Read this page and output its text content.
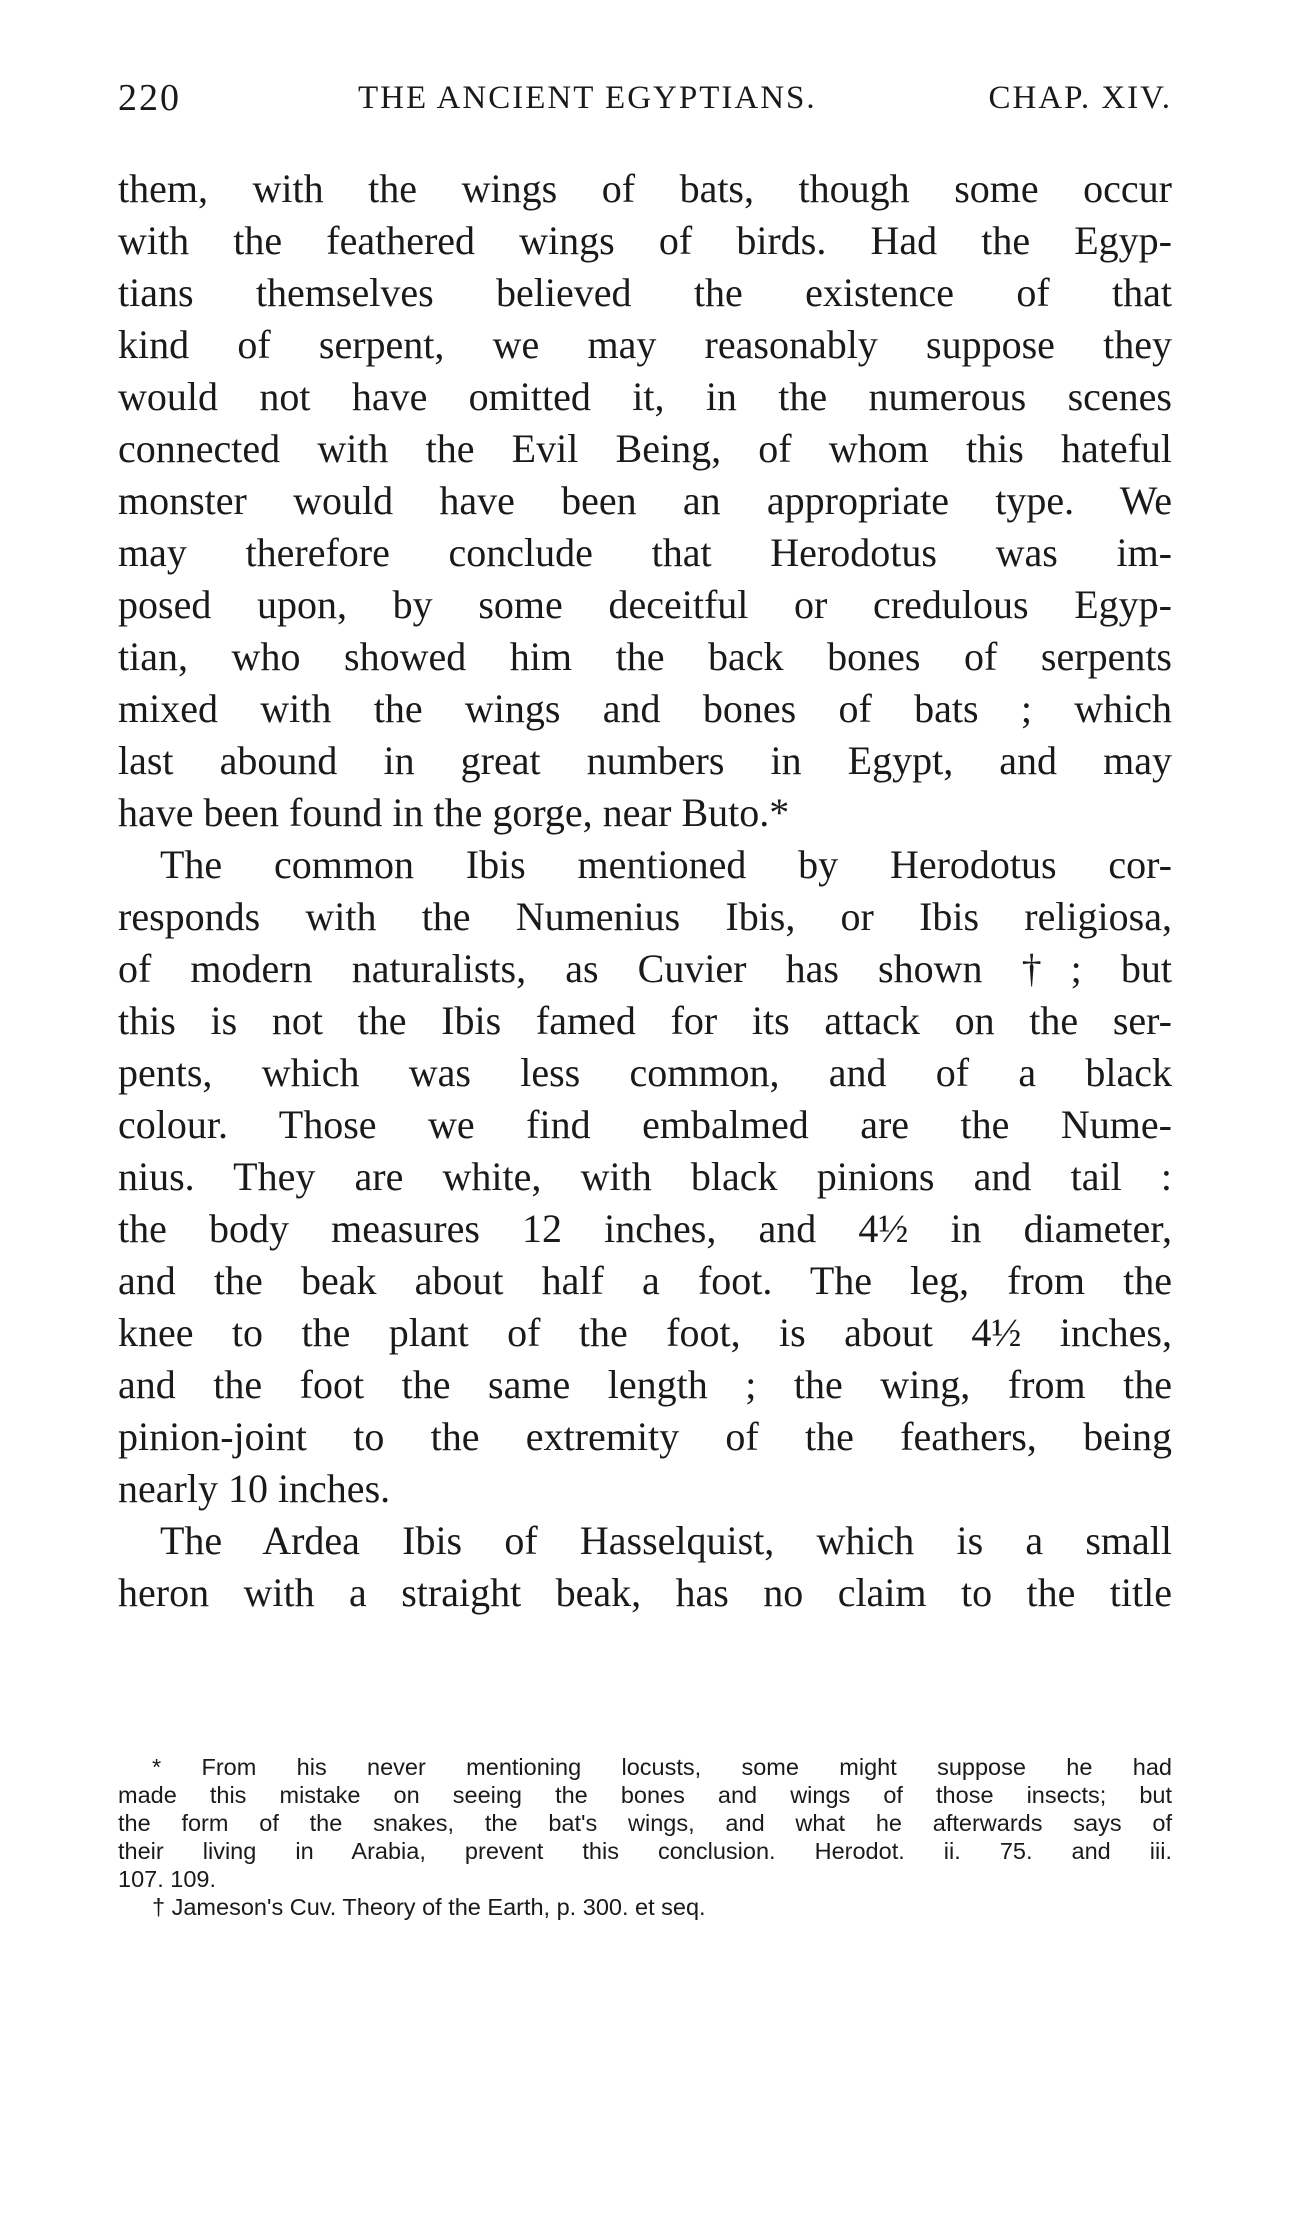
220	THE ANCIENT EGYPTIANS.	CHAP. XIV.
them, with the wings of bats, though some occur
with the feathered wings of birds. Had the Egyp-
tians themselves believed the existence of that
kind of serpent, we may reasonably suppose they
would not have omitted it, in the numerous scenes
connected with the Evil Being, of whom this hateful
monster would have been an appropriate type. We
may therefore conclude that Herodotus was im-
posed upon, by some deceitful or credulous Egyp-
tian, who showed him the back bones of serpents
mixed with the wings and bones of bats ; which
last abound in great numbers in Egypt, and may
have been found in the gorge, near Buto.*
The common Ibis mentioned by Herodotus cor-
responds with the Numenius Ibis, or Ibis religiosa,
of modern naturalists, as Cuvier has shown †; but
this is not the Ibis famed for its attack on the ser-
pents, which was less common, and of a black
colour. Those we find embalmed are the Nume-
nius. They are white, with black pinions and tail :
the body measures 12 inches, and 4½ in diameter,
and the beak about half a foot. The leg, from the
knee to the plant of the foot, is about 4½ inches,
and the foot the same length ; the wing, from the
pinion-joint to the extremity of the feathers, being
nearly 10 inches.
The Ardea Ibis of Hasselquist, which is a small
heron with a straight beak, has no claim to the title
* From his never mentioning locusts, some might suppose he had
made this mistake on seeing the bones and wings of those insects; but
the form of the snakes, the bat's wings, and what he afterwards says of
their living in Arabia, prevent this conclusion. Herodot. ii. 75. and iii.
107. 109.
† Jameson's Cuv. Theory of the Earth, p. 300. et seq.
